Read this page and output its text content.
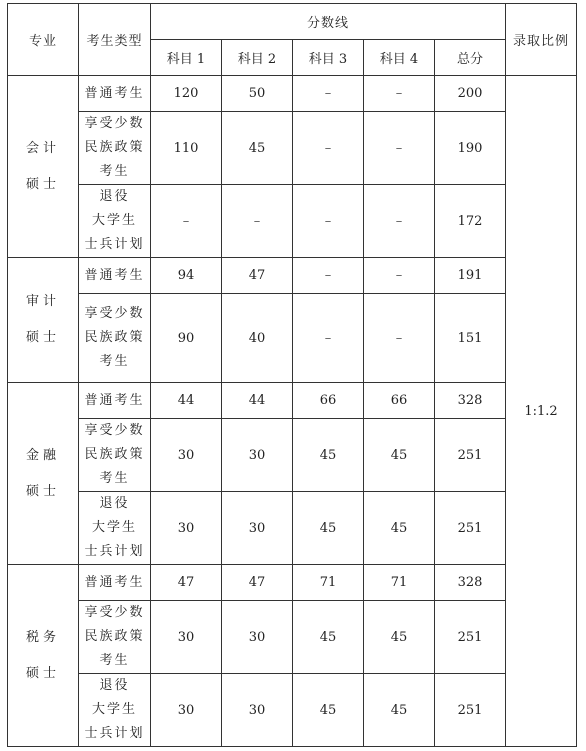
专业	考生类型	分数线					录取比例
		科目 1	科目 2	科目 3	科目 4	总分	

会计
硕士	普通考生	120	50	–	–	200	1:1.2

	享受少数
民族政策
考生	110	45	–	–	190	

	退役
大学生
士兵计划	–	–	–	–	172	

审计
硕士	普通考生	94	47	–	–	191	

	享受少数
民族政策
考生	90	40	–	–	151	

金融
硕士	普通考生	44	44	66	66	328	

	享受少数
民族政策
考生	30	30	45	45	251	

	退役
大学生
士兵计划	30	30	45	45	251	

税务
硕士	普通考生	47	47	71	71	328	

	享受少数
民族政策
考生	30	30	45	45	251	

	退役
大学生
士兵计划	30	30	45	45	251	
